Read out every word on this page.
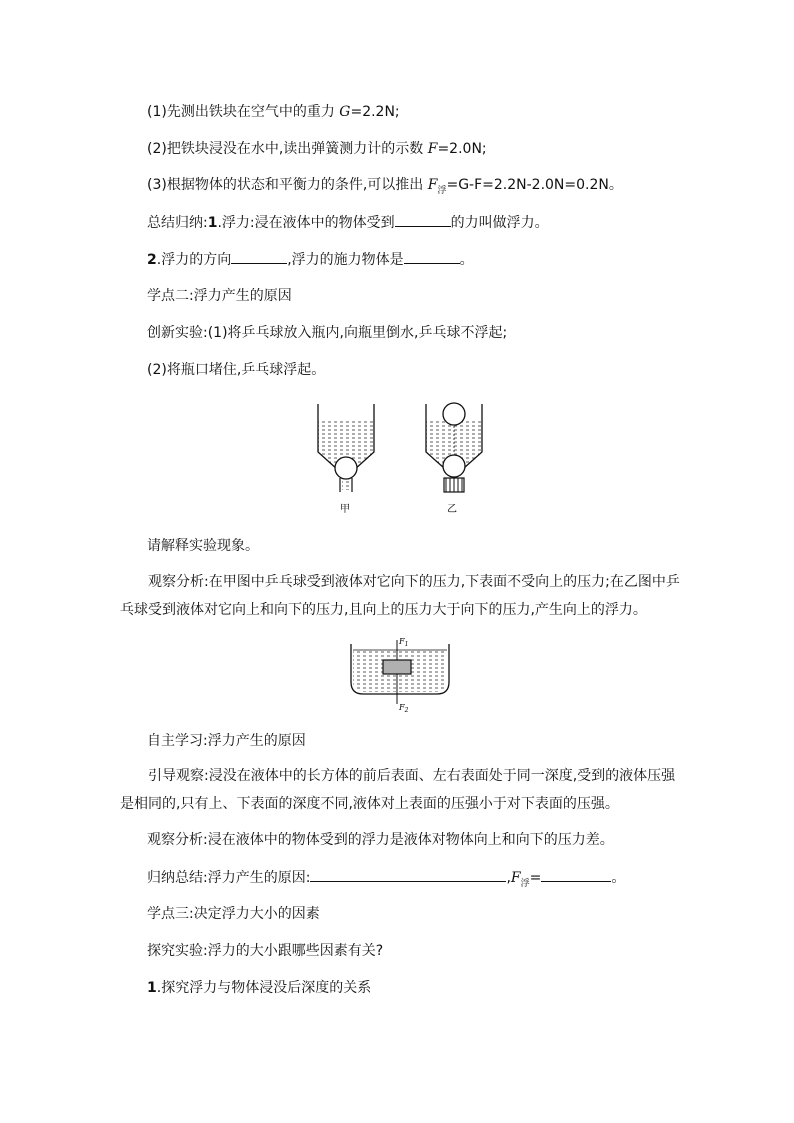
(1)先测出铁块在空气中的重力 G=2.2N;
(2)把铁块浸没在水中,读出弹簧测力计的示数 F=2.0N;
(3)根据物体的状态和平衡力的条件,可以推出 $F_浮=G-F=2.2N-2.0N=0.2N$。
总结归纳:1.浮力:浸在液体中的物体受到	的力叫做浮力。
2.浮力的方向	,浮力的施力物体是	。
学点二:浮力产生的原因
创新实验:(1)将乒乓球放入瓶内,向瓶里倒水,乒乓球不浮起;
(2)将瓶口堵住,乒乓球浮起。
甲	乙
请解释实验现象。

观察分析:在甲图中乒乓球受到液体对它向下的压力,下表面不受向上的压力;在乙图中乒乓球受到液体对它向上和向下的压力,且向上的压力大于向下的压力,产生向上的浮力。

$F_1$
$F_2$
自主学习:浮力产生的原因

引导观察:浸没在液体中的长方体的前后表面、左右表面处于同一深度,受到的液体压强是相同的,只有上、下表面的深度不同,液体对上表面的压强小于对下表面的压强。

观察分析:浸在液体中的物体受到的浮力是液体对物体向上和向下的压力差。
归纳总结:浮力产生的原因:	$,F_浮=$	。
学点三:决定浮力大小的因素
探究实验:浮力的大小跟哪些因素有关?
1.探究浮力与物体浸没后深度的关系
